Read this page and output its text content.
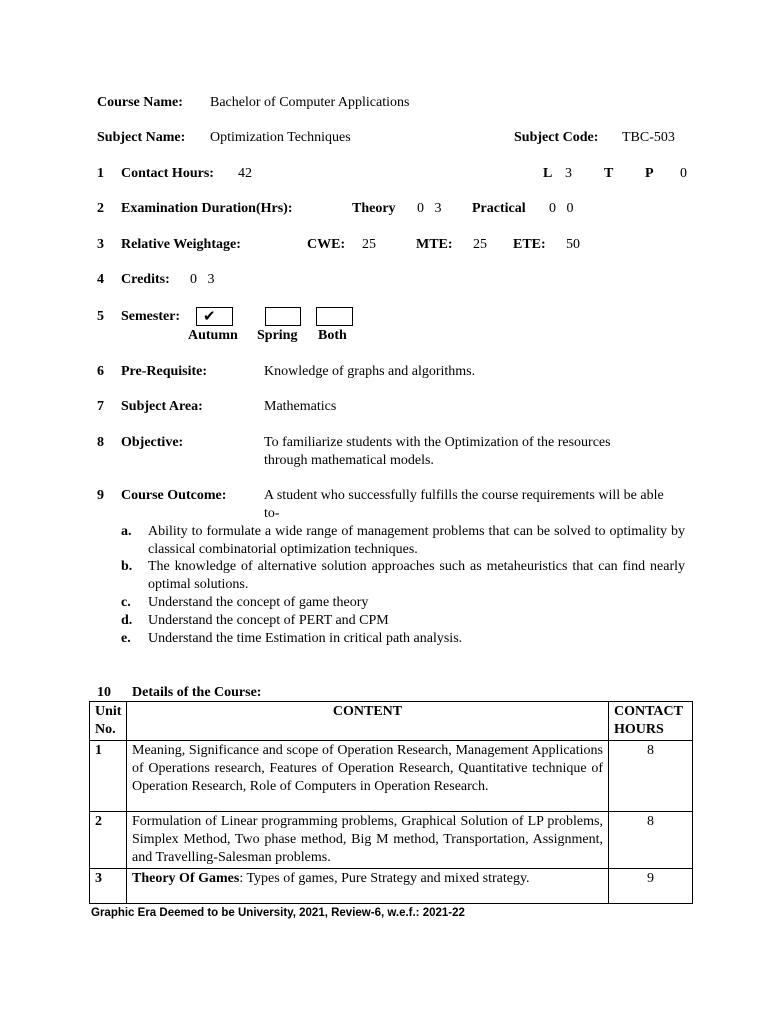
Course Name: Bachelor of Computer Applications
Subject Name: Optimization Techniques	Subject Code: TBC-503
1 Contact Hours: 42	L 3 T P 0
2 Examination Duration(Hrs):	Theory 0   3 Practical 0   0
3 Relative Weightage:	CWE: 25	MTE: 25 ETE: 50
4 Credits: 0   3
5 Semester:	✔
Autumn Spring Both
6 Pre-Requisite:	Knowledge of graphs and algorithms.
7 Subject Area:	Mathematics
8 Objective:	To familiarize students with the Optimization of the resources through mathematical models.
9 Course Outcome:	A student who successfully fulfills the course requirements will be able to-
a. Ability to formulate a wide range of management problems that can be solved to optimality by classical combinatorial optimization techniques.
b. The knowledge of alternative solution approaches such as metaheuristics that can find nearly optimal solutions.
c. Understand the concept of game theory
d. Understand the concept of PERT and CPM
e. Understand the time Estimation in critical path analysis.
10 Details of the Course:
Unit No.	CONTENT	CONTACT HOURS
1	Meaning, Significance and scope of Operation Research, Management Applications of Operations research, Features of Operation Research, Quantitative technique of Operation Research, Role of Computers in Operation Research.	8
2	Formulation of Linear programming problems, Graphical Solution of LP problems, Simplex Method, Two phase method, Big M method, Transportation, Assignment, and Travelling-Salesman problems.	8
3	Theory Of Games: Types of games, Pure Strategy and mixed strategy.	9
Graphic Era Deemed to be University, 2021, Review-6, w.e.f.: 2021-22
